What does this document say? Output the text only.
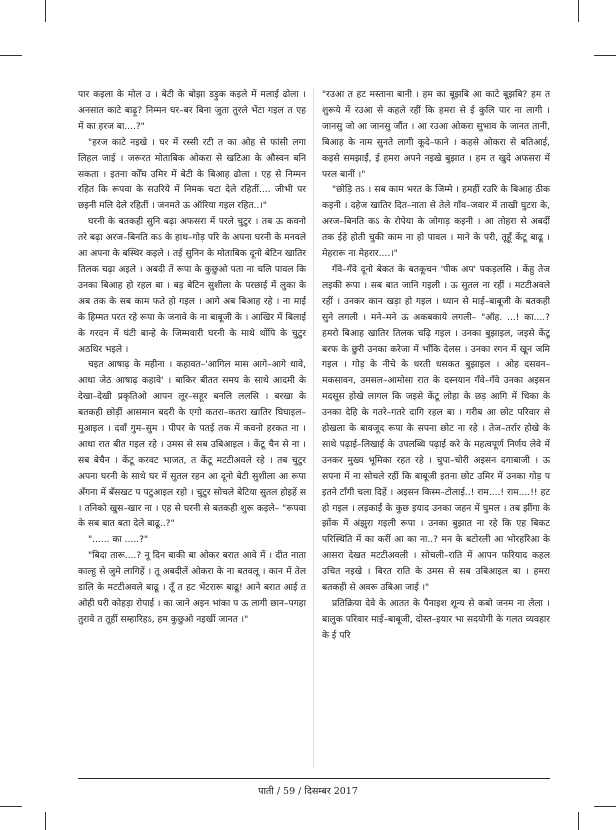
पार कइला के मोल उ । बेटी के बोझा डड़ुक कइले में मलाई ढोला । अनसात काटे बाढ़ू? निम्मन घर–बर बिना जुता तुरले भेंटा गइल त एह में का हरज बा....?"

"हरज काटे नइखे । घर में रस्सी रटी त का ओह से फांसी लगा लिहल जाई । जरूरत मोताबिक ओकरा से खटिआ के औस्वन बनि सकता । इतना कोँच उमिर में बेटी के बिआह ढोला । एह से निम्मन रहित कि रूपवा के सउरिये में निमक चटा देले रहितीं.... जीभी पर छइनी मलि देले रहितीं । जनमते ऊ ऑरिया गइल रहित..।"

घरनी के बतकही सुनि बढ़ा अफसरा में परले चुटुर । तब ऊ कवनो तरे बढ़ा अरज–बिनति कऽ के हाथ–गोड़ परि के अपना घरनी के मनवले आ अपना के बस्थिर कइले । तई सुनिन के मोताबिक दूनो बेटिन खातिर तिलक चढ़ा अइले । अबदी तें रूपा के कुछुओ पता ना चलि पावल कि उनका बिआह हो रहल बा । बड़ बेटिन सुशीला के परछाई में लुका के अब तक के सब काम फते हो गइल । आगे अब बिआह रहे । ना माई के हिम्मत परत रहे रूपा के जनावे के ना बाबूजी के । आखिर में बिलाई के गरदन में घंटी बान्हे के जिम्मवारी घरनी के माथे थोंपि के चुटुर अठथिर भइले ।

चइत आषाढ़ के महीना । कहावत–'आगिल मास आगे–आगे धावे, आधा जेठ आषाढ़ कहावे' । बाकिर बीतत समय के साथे आदमी के देखा–देखी प्रकृतिओ आपन लूर–सहूर बनलि ललसि । बरखा के बतकही छोड़ीं आसमान बदरी के एगो कतरा–कतरा खातिर घिघाइल–मुआइल । दवाँ गुम–सुम । पीपर के पतई तक में कवनो हरकत ना । आधा रात बीत गइल रहे । उमस से सब उबिआइल । केंटू चैन से ना । सब बेचैन । केंटू करवट भाजत, त केंटू मटटीअवले रहे । तब चुटुर अपना घरनी के साथे घर में सुतल रहन आ दूनो बेटी सुशीला आ रूपा अँगना में बँसखट प पटुआइल रहो । चुटुर सोचले बेटिया सुतल होइहें स । तनिको खुस–खार ना । एह से घरनी से बतकही शुरू कइले– "रूपवा के सब बात बता देले बाढू..?"

"...... का .....?"

"बिदा तारू....? नू दिन बाकी बा ओकर बरात आवे में । दीत नाता काल्हु से जुमे लागिहें । तू अबदीलें ओकरा के ना बतवलू । कान में तेल डालि के मटटीअवले बाढू । तूँ त हट भेंटरारू बाढू! आने बरात आई त ओही घरी कोहड़ा रोपाई । का जाने अइन भांका प ऊ लागी छान–पगहा तुरावे त तूहीं सम्हारिहऽ, हम कुछुओ नइखीं जानत ।"

"रउआ त हट मस्ताना बानी । हम का बूझबि आ काटे बूझबि? हम त शुरूये में रउआ से कहले रहीं कि हमरा से ई कुलि पार ना लागी । जानसु जो आ जानसु जौंत । आ रउआ ओकरा सुभाव के जानत तानी, बिआह के नाम सुनते लागी कूदे–फाने । कहसे ओकरा से बतिआई, कइसे समझाईं, ई हमरा अपने नइखे बुझात । हम त खुदे अफसरा में परल बानीं ।"

"छोड़ि तऽ । सब काम भरत के जिम्मे । हमहीं रउरि के बिआह ठीक कइनी । दहेज खातिर दित–नाता से तेले गाँव–जवार में ताखी घुटरा के, अरज–बिनति कऽ के रोपेया के जोगाड़ कइनी । आ तोहरा से अबदीं तक ईहे होती चुकी काम ना हो पावल । माने के परी, तूहूँ केंटू बाढू । मेहरारू ना मेहरार....।"

गँवे–गँवे दूनो बेकत के बतकूचन 'पीक अप' पकड़लसि । केंहु तेज लइकी रूपा । सब बात जानि गइली । ऊ सुतल ना रहीं । मटटीअवले रहीं । उनकर कान खड़ा हो गइल । ध्यान से माई–बाबूजी के बतकही सुने लगली । मने–मने ऊ अकबकाये लगली– "ऑह. ...! का....? हमरो बिआह खातिर तिलक चढ़ि गइल । उनका बुझाइल, जइसे केंटू बरफ के छुरी उनका करेजा में भाँकि देलस । उनका रगन में खून जमि गइल । गोड़ के नीचे के धरती धसकत बुझाइल । ओह दसवन–मकसावन, उमसल–आमोसा रात के दस्नयान गँवे–गँवे उनका अइसन मदसूस होखे लागल कि जइसे केंटू लोहा के छड़ आगि में धिका के उनका देहि के गतरे–गतरे दागि रहल बा । गरीब आ छोट परिवार से होखला के बावजूद रूपा के सपना छोट ना रहे । तेज–तर्रार होखे के साथे पढ़ाई–लिखाई के उपलब्धि पढ़ाई करे के महत्वपूर्ण निर्णय लेवे में उनकर मुख्य भूमिका रहत रहे । चुपा–चोरी अइसन दगाबाजी । ऊ सपना में ना सोचले रहीं कि बाबूजी इतना छोट उमिर में उनका गोड़ प इतने टाँगी चला दिहें । अइसन किस्म–टोलाई..! राम....! राम....!! हट हो गइल । लइकाईं के कुछ इयाद उनका जहन में घुमल । तब झींगा के झोंक में अंझुरा गइली रूपा । उनका बुझात ना रहे कि एह बिकट परिस्थिति में का करीं आ का ना..? मन के बटोरली आ भोरहरिआ के आसरा देखत मटटीअवली । सोचली–राति में आपन फरियाद कहल उचित नइखे । बिरत राति के उमस से सब उबिआइल बा । हमरा बतकही से अवरू उबिआ जाई ।"

प्रतिक्रिया देवे के आतत के पैनाइश शून्य से कबो जनम ना लेला । बालुक परिवार माई–बाबूजी, दोस्त–इयार भा सदयोगी के गलत व्यवहार के ई परि

पाती / 59 / दिसम्बर 2017
